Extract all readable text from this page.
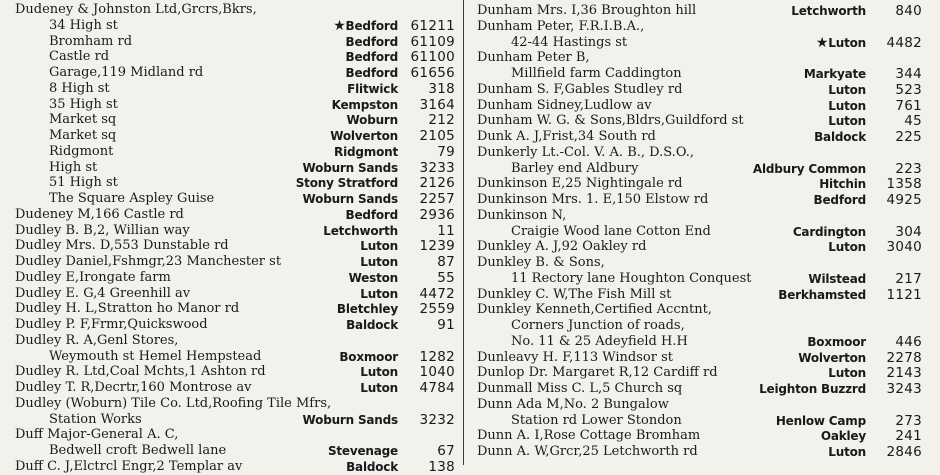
Dudeney & Johnston Ltd,Grcrs,Bkrs,
34 High st	★Bedford 61211
Bromham rd	Bedford 61109
Castle rd	Bedford 61100
Garage,119 Midland rd	Bedford 61656
8 High st	Flitwick 318
35 High st	Kempston 3164
Market sq	Woburn 212
Market sq	Wolverton 2105
Ridgmont	Ridgmont	79
High st	Woburn Sands 3233
51 High st	Stony Stratford 2126
The Square Aspley Guise	Woburn Sands 2257
Dudeney M,166 Castle rd	Bedford 2936
Dudley B. B,2, Willian way	Letchworth	11
Dudley Mrs. D,553 Dunstable rd	Luton 1239
Dudley Daniel,Fshmgr,23 Manchester st	Luton	87
Dudley E,Irongate farm	Weston	55
Dudley E. G,4 Greenhill av	Luton 4472
Dudley H. L,Stratton ho Manor rd	Bletchley 2559
Dudley P. F,Frmr,Quickswood	Baldock	91
Dudley R. A,Genl Stores,
Weymouth st Hemel Hempstead	Boxmoor 1282
Dudley R. Ltd,Coal Mchts,1 Ashton rd	Luton 1040
Dudley T. R,Decrtr,160 Montrose av	Luton 4784
Dudley (Woburn) Tile Co. Ltd,Roofing Tile Mfrs,
Station Works	Woburn Sands 3232
Duff Major-General A. C,
Bedwell croft Bedwell lane	Stevenage	67
Duff C. J,Elctrcl Engr,2 Templar av	Baldock 138
Dunham Mrs. I,36 Broughton hill	Letchworth 840
Dunham Peter, F.R.I.B.A.,
42-44 Hastings st	★Luton 4482
Dunham Peter B,
Millfield farm Caddington	Markyate 344
Dunham S. F,Gables Studley rd	Luton 523
Dunham Sidney,Ludlow av	Luton 761
Dunham W. G. & Sons,Bldrs,Guildford st	Luton	45
Dunk A. J,Frist,34 South rd	Baldock 225
Dunkerly Lt.-Col. V. A. B., D.S.O.,
Barley end Aldbury	Aldbury Common 223
Dunkinson E,25 Nightingale rd	Hitchin 1358
Dunkinson Mrs. 1. E,150 Elstow rd	Bedford 4925
Dunkinson N,
Craigie Wood lane Cotton End	Cardington 304
Dunkley A. J,92 Oakley rd	Luton 3040
Dunkley B. & Sons,
11 Rectory lane Houghton Conquest	Wilstead 217
Dunkley C. W,The Fish Mill st	Berkhamsted 1121
Dunkley Kenneth,Certified Accntnt,
Corners Junction of roads,
No. 11 & 25 Adeyfield H.H	Boxmoor 446
Dunleavy H. F,113 Windsor st	Wolverton 2278
Dunlop Dr. Margaret R,12 Cardiff rd	Luton 2143
Dunmall Miss C. L,5 Church sq	Leighton Buzzrd 3243
Dunn Ada M,No. 2 Bungalow
Station rd Lower Stondon	Henlow Camp 273
Dunn A. I,Rose Cottage Bromham	Oakley 241
Dunn A. W,Grcr,25 Letchworth rd	Luton 2846
